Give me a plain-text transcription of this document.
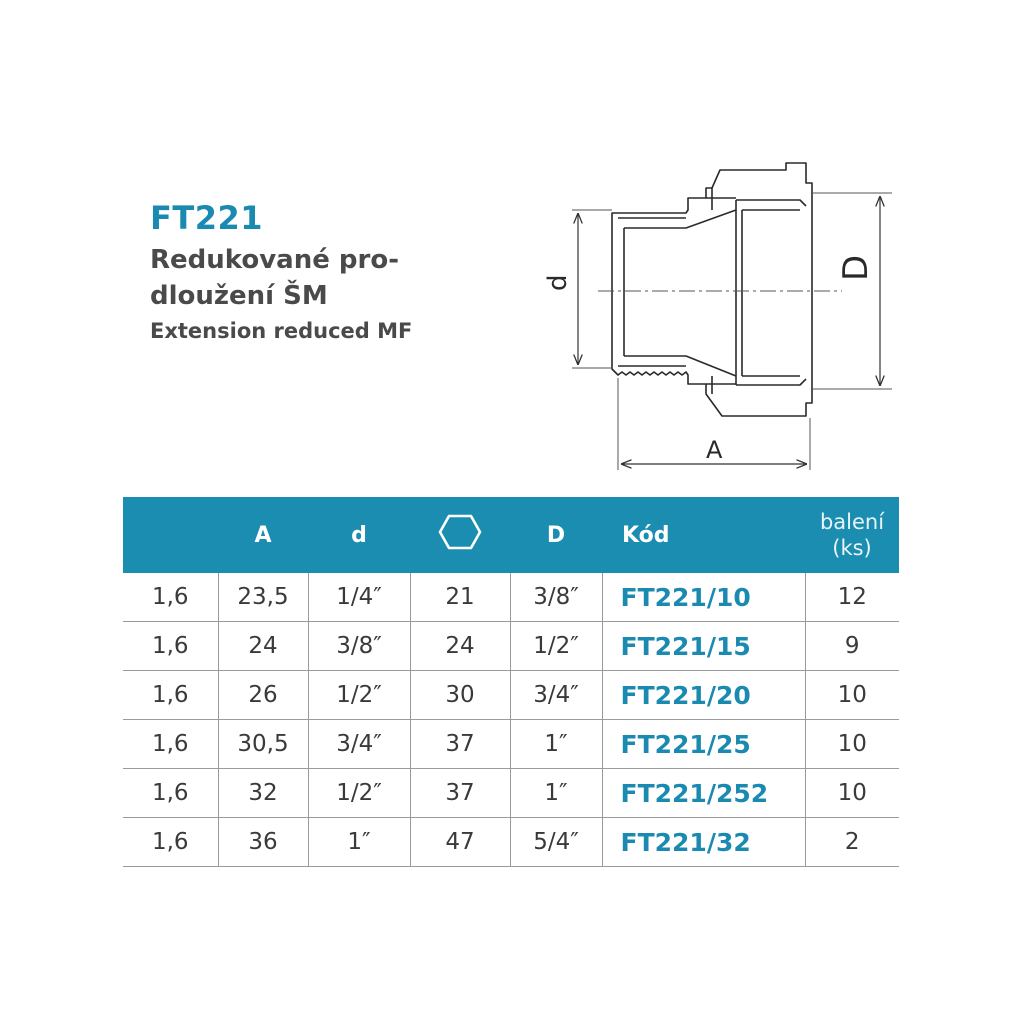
FT221
Redukované pro-
dloužení ŠM
Extension reduced MF
d
D
A
	A	d		D	Kód	balení
(ks)

1,6	23,5	1/4″	21	3/8″	FT221/10	12
1,6	24	3/8″	24	1/2″	FT221/15	9
1,6	26	1/2″	30	3/4″	FT221/20	10
1,6	30,5	3/4″	37	1″	FT221/25	10
1,6	32	1/2″	37	1″	FT221/252	10
1,6	36	1″	47	5/4″	FT221/32	2
